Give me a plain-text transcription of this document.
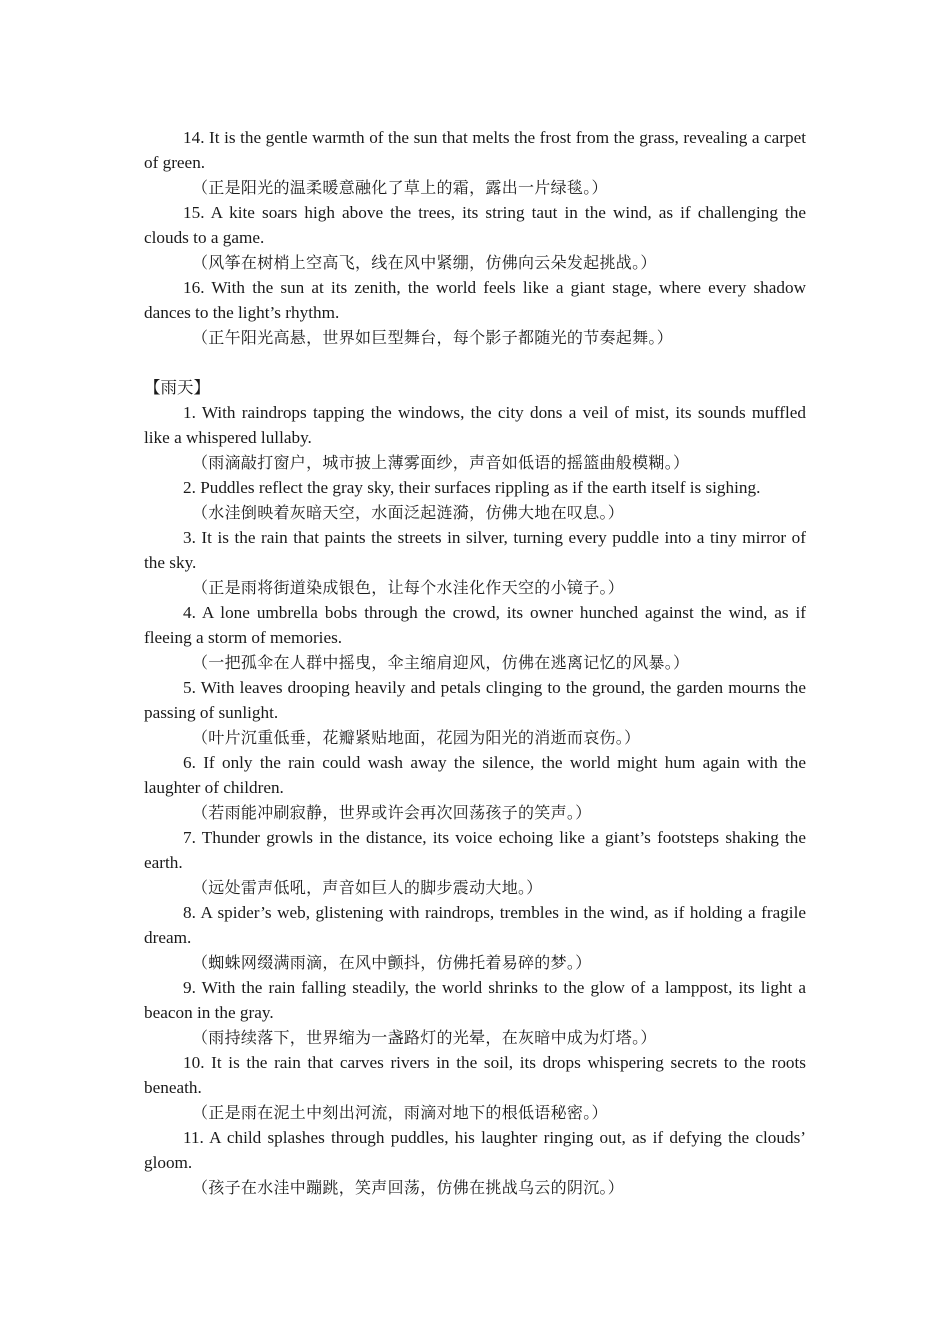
14. It is the gentle warmth of the sun that melts the frost from the grass, revealing a carpet of green.

（正是阳光的温柔暖意融化了草上的霜，露出一片绿毯。）

15. A kite soars high above the trees, its string taut in the wind, as if challenging the clouds to a game.

（风筝在树梢上空高飞，线在风中紧绷，仿佛向云朵发起挑战。）

16. With the sun at its zenith, the world feels like a giant stage, where every shadow dances to the light’s rhythm.

（正午阳光高悬，世界如巨型舞台，每个影子都随光的节奏起舞。）

【雨天】

1. With raindrops tapping the windows, the city dons a veil of mist, its sounds muffled like a whispered lullaby.

（雨滴敲打窗户，城市披上薄雾面纱，声音如低语的摇篮曲般模糊。）

2. Puddles reflect the gray sky, their surfaces rippling as if the earth itself is sighing.

（水洼倒映着灰暗天空，水面泛起涟漪，仿佛大地在叹息。）

3. It is the rain that paints the streets in silver, turning every puddle into a tiny mirror of the sky.

（正是雨将街道染成银色，让每个水洼化作天空的小镜子。）

4. A lone umbrella bobs through the crowd, its owner hunched against the wind, as if fleeing a storm of memories.

（一把孤伞在人群中摇曳，伞主缩肩迎风，仿佛在逃离记忆的风暴。）

5. With leaves drooping heavily and petals clinging to the ground, the garden mourns the passing of sunlight.

（叶片沉重低垂，花瓣紧贴地面，花园为阳光的消逝而哀伤。）

6. If only the rain could wash away the silence, the world might hum again with the laughter of children.

（若雨能冲刷寂静，世界或许会再次回荡孩子的笑声。）

7. Thunder growls in the distance, its voice echoing like a giant’s footsteps shaking the earth.

（远处雷声低吼，声音如巨人的脚步震动大地。）

8. A spider’s web, glistening with raindrops, trembles in the wind, as if holding a fragile dream.

（蜘蛛网缀满雨滴，在风中颤抖，仿佛托着易碎的梦。）

9. With the rain falling steadily, the world shrinks to the glow of a lamppost, its light a beacon in the gray.

（雨持续落下，世界缩为一盏路灯的光晕，在灰暗中成为灯塔。）

10. It is the rain that carves rivers in the soil, its drops whispering secrets to the roots beneath.

（正是雨在泥土中刻出河流，雨滴对地下的根低语秘密。）

11. A child splashes through puddles, his laughter ringing out, as if defying the clouds’ gloom.

（孩子在水洼中蹦跳，笑声回荡，仿佛在挑战乌云的阴沉。）
